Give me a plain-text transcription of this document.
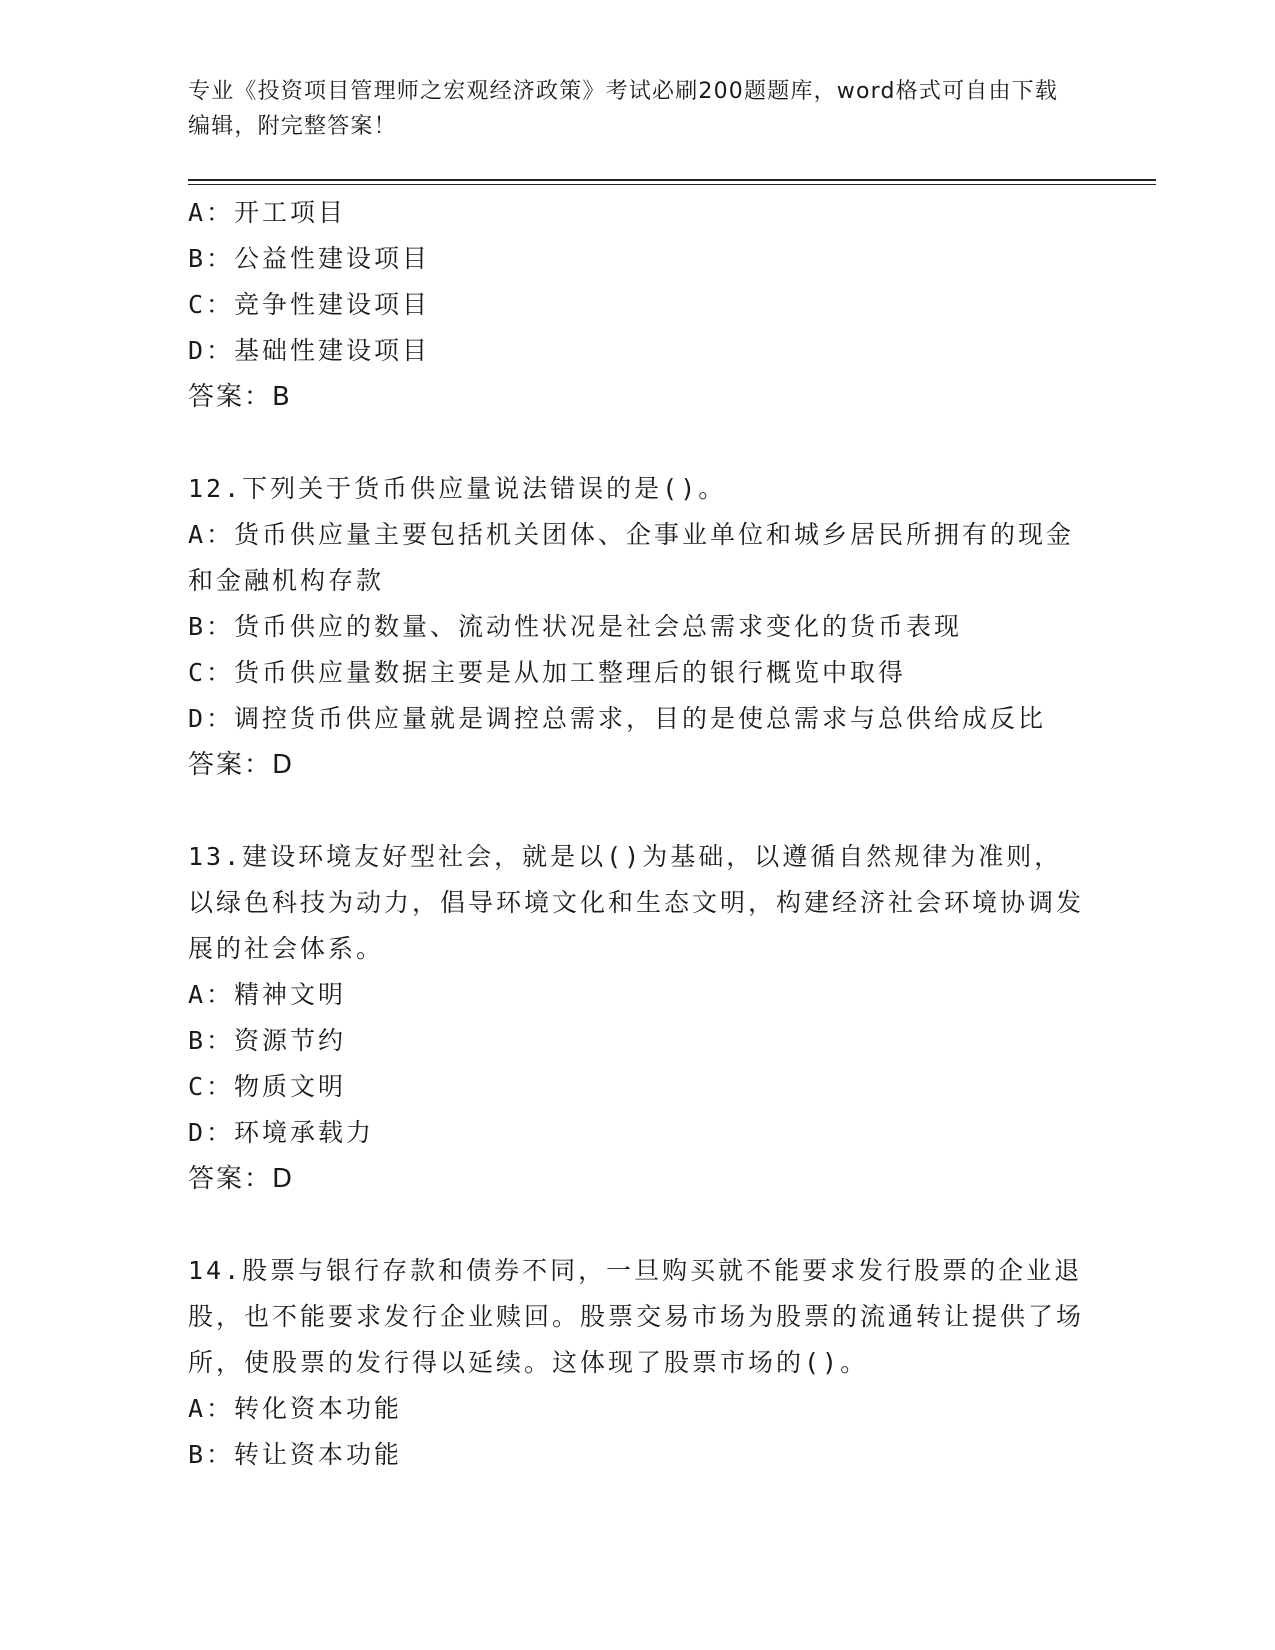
专业《投资项目管理师之宏观经济政策》考试必刷200题题库，word格式可自由下载编辑，附完整答案！
A：开工项目
B：公益性建设项目
C：竞争性建设项目
D：基础性建设项目
答案：B
12.下列关于货币供应量说法错误的是()。
A：货币供应量主要包括机关团体、企事业单位和城乡居民所拥有的现金和金融机构存款
B：货币供应的数量、流动性状况是社会总需求变化的货币表现
C：货币供应量数据主要是从加工整理后的银行概览中取得
D：调控货币供应量就是调控总需求，目的是使总需求与总供给成反比
答案：D
13.建设环境友好型社会，就是以()为基础，以遵循自然规律为准则，以绿色科技为动力，倡导环境文化和生态文明，构建经济社会环境协调发展的社会体系。
A：精神文明
B：资源节约
C：物质文明
D：环境承载力
答案：D
14.股票与银行存款和债券不同，一旦购买就不能要求发行股票的企业退股，也不能要求发行企业赎回。股票交易市场为股票的流通转让提供了场所，使股票的发行得以延续。这体现了股票市场的()。
A：转化资本功能
B：转让资本功能
